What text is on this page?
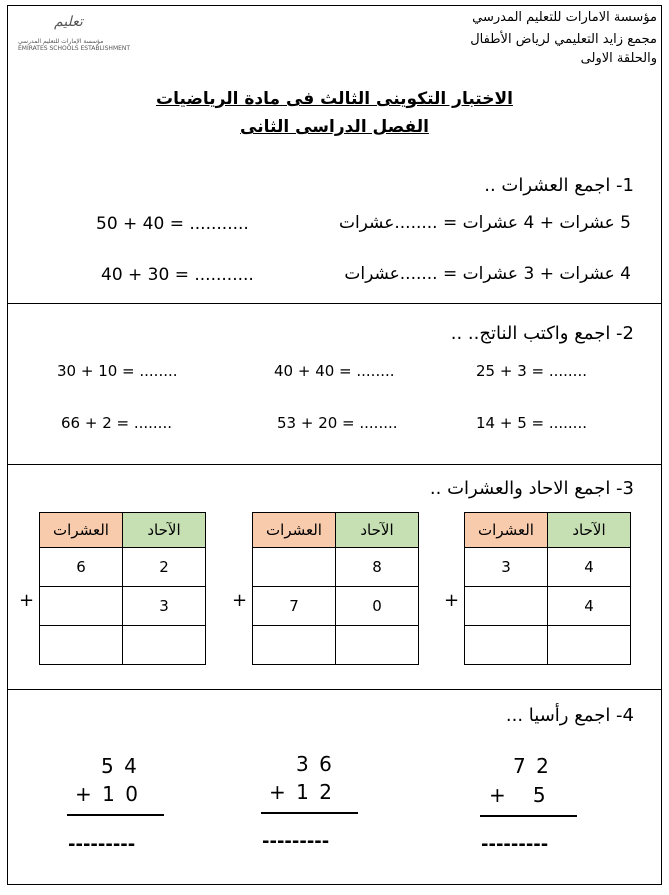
مؤسسة الامارات للتعليم المدرسي
مجمع زايد التعليمي لرياض الأطفال
والحلقة الاولى
تعليم
مؤسسة الإمارات للتعليم المدرسي
EMIRATES SCHOOLS ESTABLISHMENT
الاختبار التكوينى الثالث فى مادة الرياضيات
الفصل الدراسى الثانى
1- اجمع العشرات ..
5 عشرات + 4 عشرات = ........عشرات
50 + 40 = ...........
4 عشرات + 3 عشرات = .......عشرات
40 + 30 = ...........
2- اجمع واكتب الناتج.. ..
25 + 3 = ........
40 + 40 = ........
30 + 10 = ........
14 + 5 = ........
53 + 20 = ........
66 + 2 = ........
3- اجمع الاحاد والعشرات ..
العشرات	الآحاد
3	4
	4

+
العشرات	الآحاد
	8
7	0

+
العشرات	الآحاد
6	2
	3

+
4- اجمع رأسيا ...
7 2
+   5
---------
3 6
+ 1 2
---------
5 4
+ 1 0
---------
